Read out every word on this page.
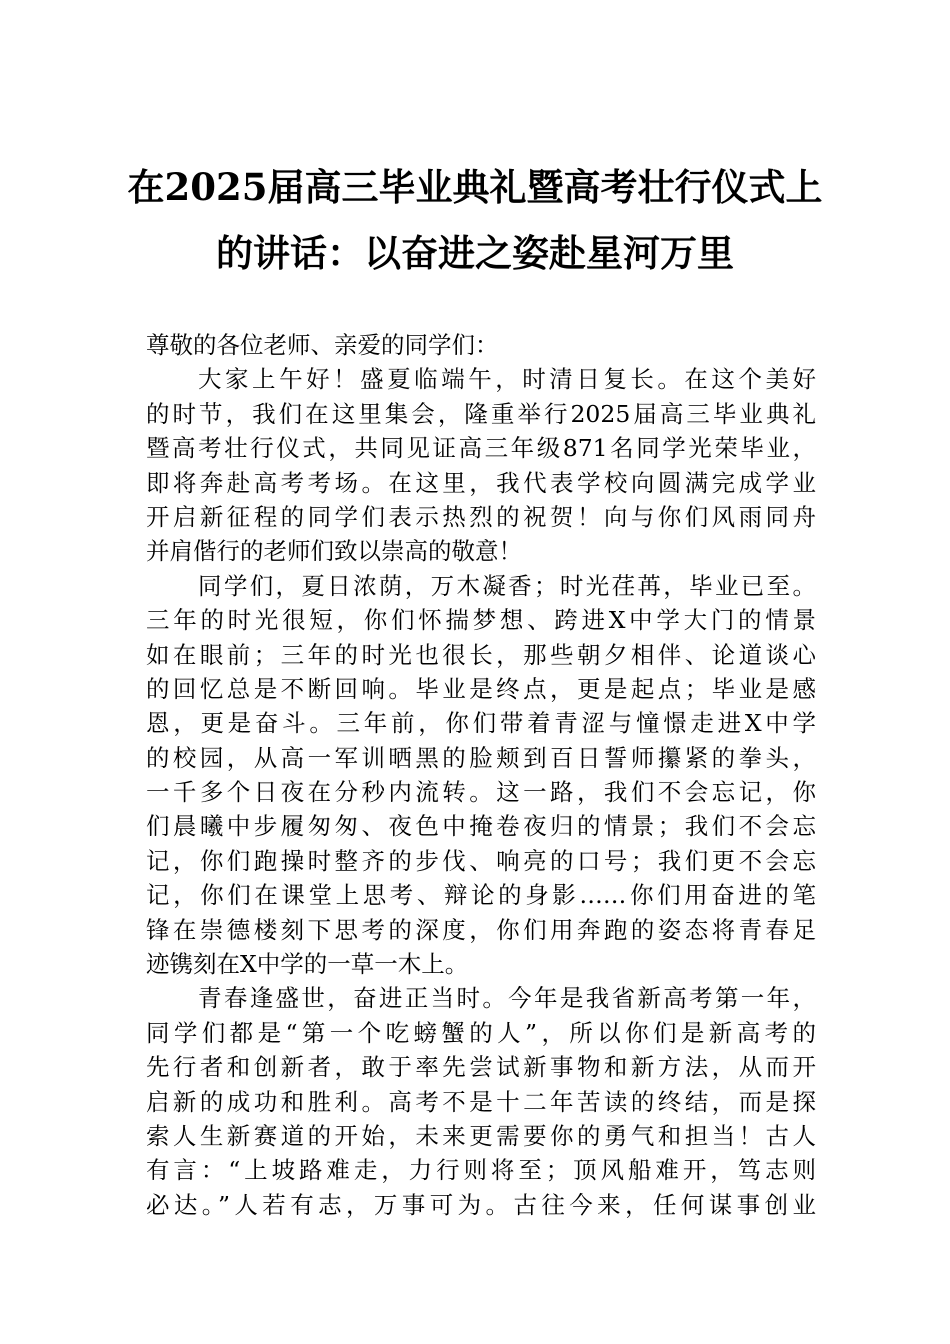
在2025届高三毕业典礼暨高考壮行仪式上
的讲话：以奋进之姿赴星河万里
尊敬的各位老师、亲爱的同学们：
大家上午好！盛夏临端午，时清日复长。在这个美好
的时节，我们在这里集会，隆重举行2025届高三毕业典礼
暨高考壮行仪式，共同见证高三年级871名同学光荣毕业，
即将奔赴高考考场。在这里，我代表学校向圆满完成学业
开启新征程的同学们表示热烈的祝贺！向与你们风雨同舟
并肩偕行的老师们致以崇高的敬意！
同学们，夏日浓荫，万木凝香；时光荏苒，毕业已至。
三年的时光很短，你们怀揣梦想、跨进X中学大门的情景
如在眼前；三年的时光也很长，那些朝夕相伴、论道谈心
的回忆总是不断回响。毕业是终点，更是起点；毕业是感
恩，更是奋斗。三年前，你们带着青涩与憧憬走进X中学
的校园，从高一军训晒黑的脸颊到百日誓师攥紧的拳头，
一千多个日夜在分秒内流转。这一路，我们不会忘记，你
们晨曦中步履匆匆、夜色中掩卷夜归的情景；我们不会忘
记，你们跑操时整齐的步伐、响亮的口号；我们更不会忘
记，你们在课堂上思考、辩论的身影……你们用奋进的笔
锋在崇德楼刻下思考的深度，你们用奔跑的姿态将青春足
迹镌刻在X中学的一草一木上。
青春逢盛世，奋进正当时。今年是我省新高考第一年，
同学们都是“第一个吃螃蟹的人”，所以你们是新高考的
先行者和创新者，敢于率先尝试新事物和新方法，从而开
启新的成功和胜利。高考不是十二年苦读的终结，而是探
索人生新赛道的开始，未来更需要你的勇气和担当！古人
有言：“上坡路难走，力行则将至；顶风船难开，笃志则
必达。”人若有志，万事可为。古往今来，任何谋事创业
